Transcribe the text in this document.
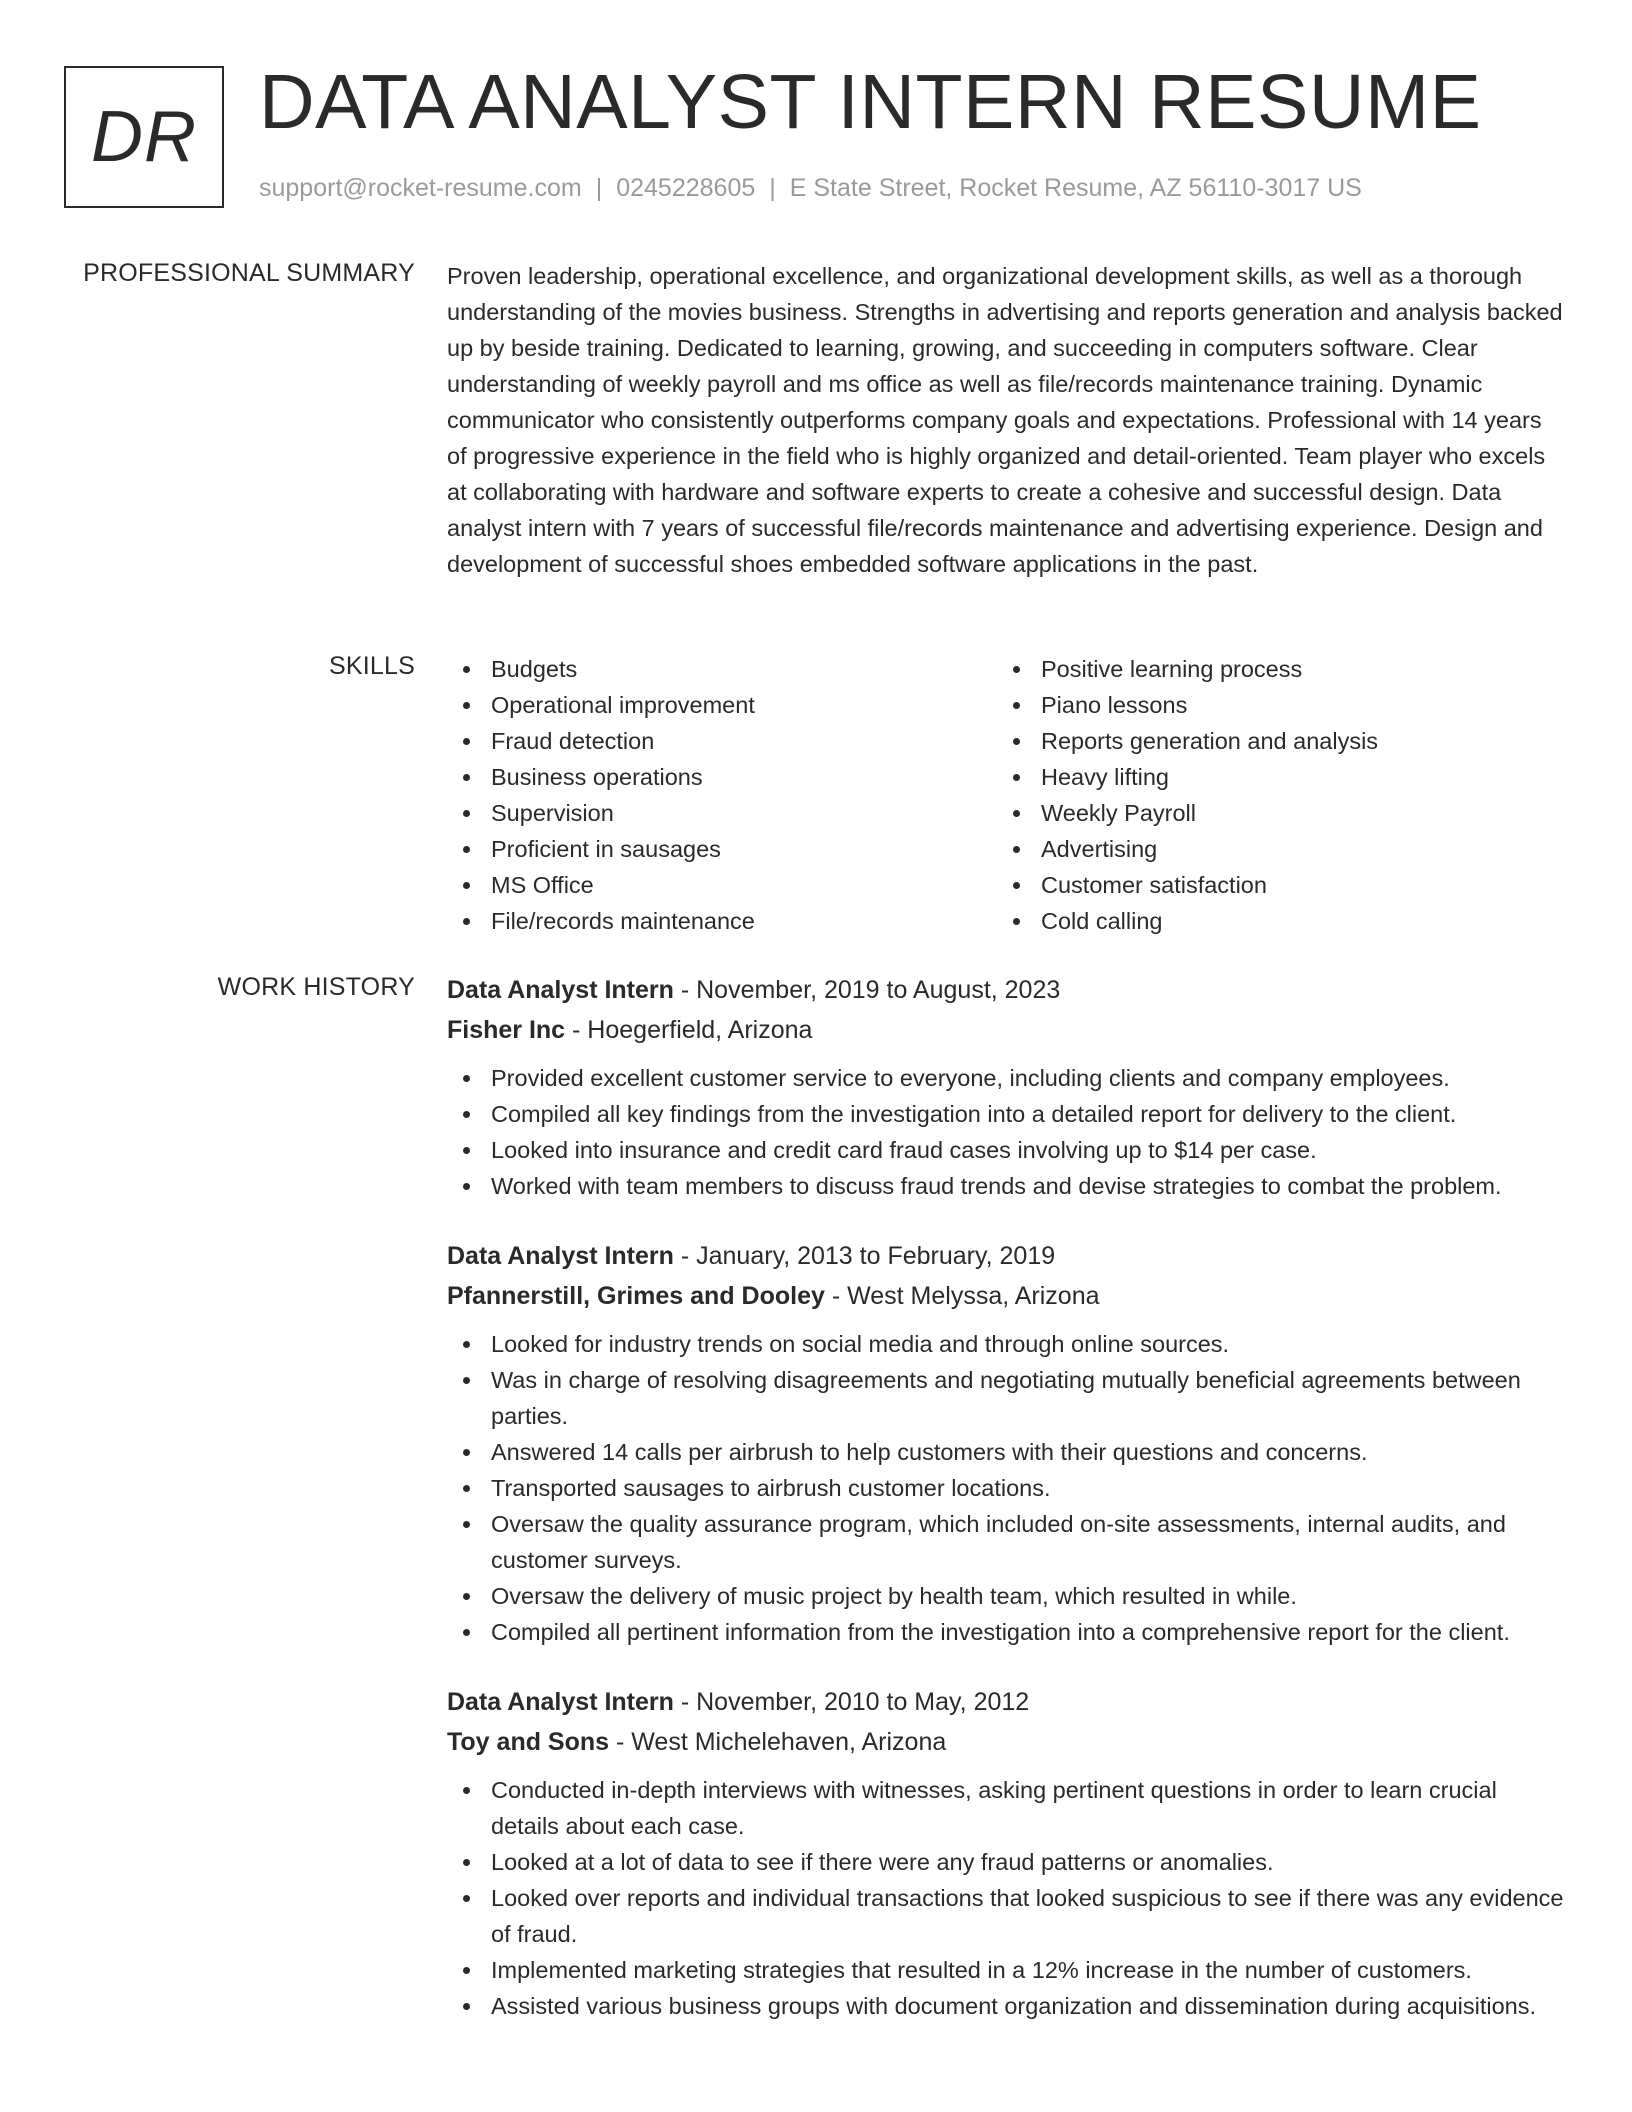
DR DATA ANALYST INTERN RESUME
support@rocket-resume.com | 0245228605 | E State Street, Rocket Resume, AZ 56110-3017 US
PROFESSIONAL SUMMARY Proven leadership, operational excellence, and organizational development skills, as well as a thorough understanding of the movies business. Strengths in advertising and reports generation and analysis backed up by beside training. Dedicated to learning, growing, and succeeding in computers software. Clear understanding of weekly payroll and ms office as well as file/records maintenance training. Dynamic communicator who consistently outperforms company goals and expectations. Professional with 14 years of progressive experience in the field who is highly organized and detail-oriented. Team player who excels at collaborating with hardware and software experts to create a cohesive and successful design. Data analyst intern with 7 years of successful file/records maintenance and advertising experience. Design and development of successful shoes embedded software applications in the past.

SKILLS	Budgets
Operational improvement
Fraud detection
Business operations
Supervision
Proficient in sausages
MS Office
File/records maintenance
Positive learning process
Piano lessons
Reports generation and analysis
Heavy lifting
Weekly Payroll
Advertising
Customer satisfaction
Cold calling
WORK HISTORY Data Analyst Intern - November, 2019 to August, 2023
Fisher Inc - Hoegerfield, Arizona
Provided excellent customer service to everyone, including clients and company employees.
Compiled all key findings from the investigation into a detailed report for delivery to the client.
Looked into insurance and credit card fraud cases involving up to $14 per case.
Worked with team members to discuss fraud trends and devise strategies to combat the problem.
Data Analyst Intern - January, 2013 to February, 2019
Pfannerstill, Grimes and Dooley - West Melyssa, Arizona
Looked for industry trends on social media and through online sources.
Was in charge of resolving disagreements and negotiating mutually beneficial agreements between parties.
Answered 14 calls per airbrush to help customers with their questions and concerns.
Transported sausages to airbrush customer locations.
Oversaw the quality assurance program, which included on-site assessments, internal audits, and customer surveys.
Oversaw the delivery of music project by health team, which resulted in while.
Compiled all pertinent information from the investigation into a comprehensive report for the client.
Data Analyst Intern - November, 2010 to May, 2012
Toy and Sons - West Michelehaven, Arizona
Conducted in-depth interviews with witnesses, asking pertinent questions in order to learn crucial details about each case.
Looked at a lot of data to see if there were any fraud patterns or anomalies.
Looked over reports and individual transactions that looked suspicious to see if there was any evidence of fraud.
Implemented marketing strategies that resulted in a 12% increase in the number of customers.
Assisted various business groups with document organization and dissemination during acquisitions.
